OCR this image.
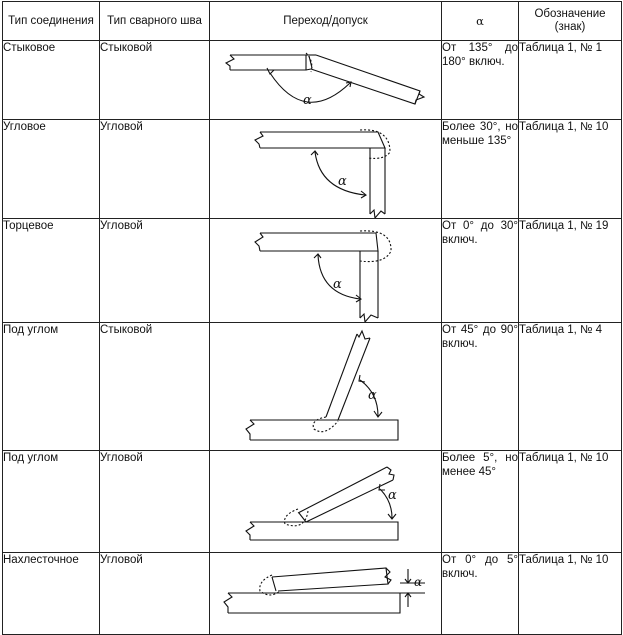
Тип соединения	Тип сварного шва	Переход/допуск	α	Обозначение (знак)
Стыковое	Стыковой	α	От 135° до 180° включ.	Таблица 1, № 1
Угловое	Угловой	α	Более 30°, но меньше 135°	Таблица 1, № 10
Торцевое	Угловой	α	От 0° до 30° включ.	Таблица 1, № 19
Под углом	Стыковой	α	От 45° до 90° включ.	Таблица 1, № 4
Под углом	Угловой	α	Более 5°, но менее 45°	Таблица 1, № 10
Нахлесточное	Угловой	α	От 0° до 5° включ.	Таблица 1, № 10
